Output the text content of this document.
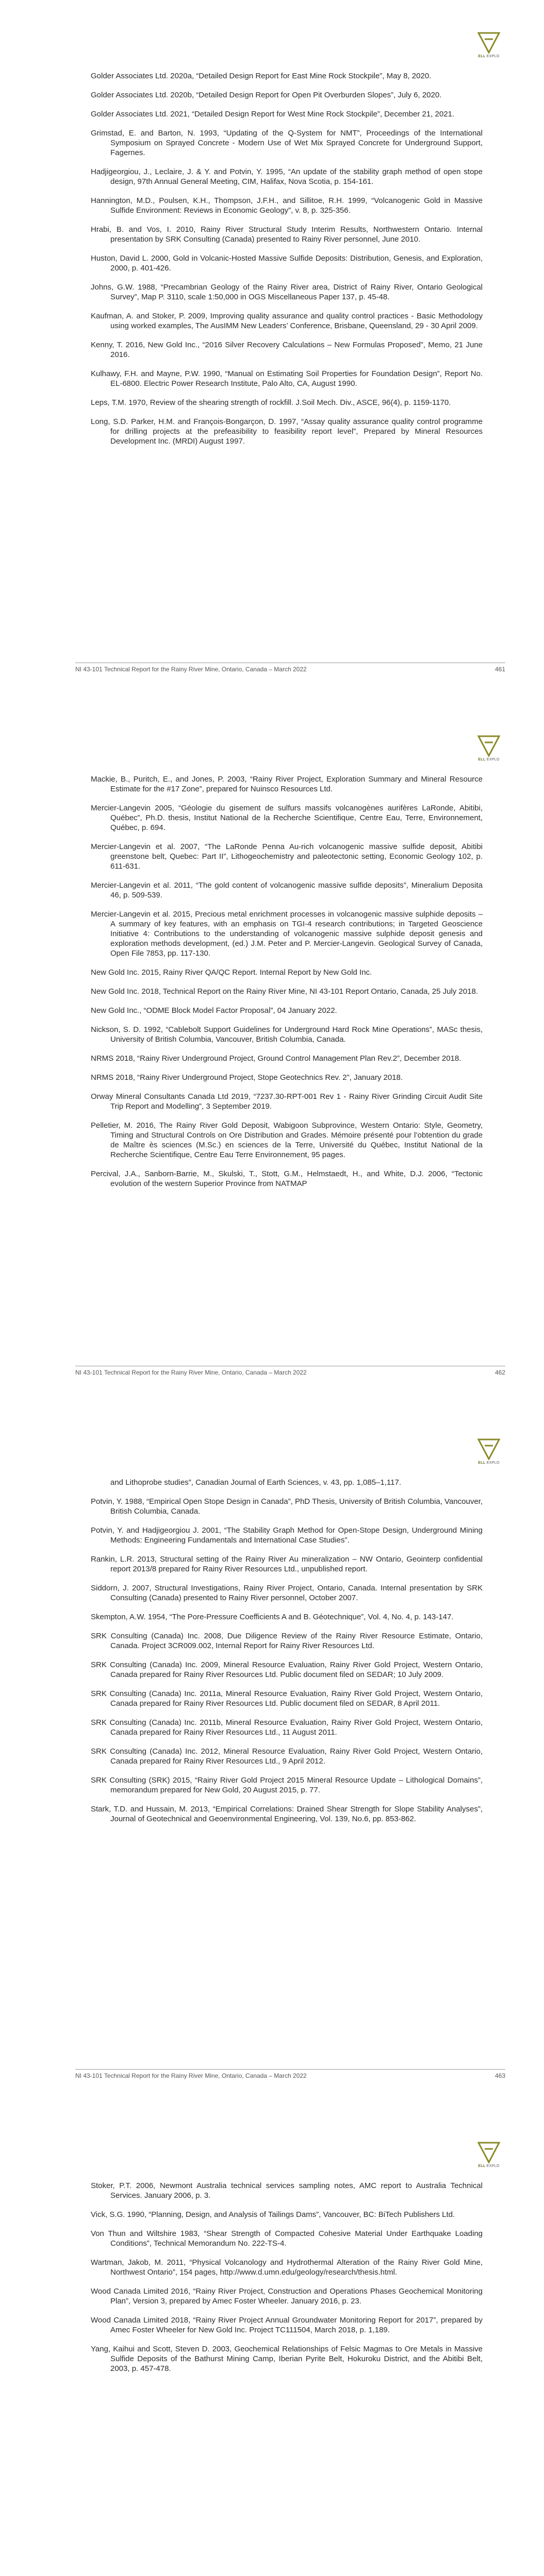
ELL EXPLO
Golder Associates Ltd. 2020a, “Detailed Design Report for East Mine Rock Stockpile”, May 8, 2020.
Golder Associates Ltd. 2020b, “Detailed Design Report for Open Pit Overburden Slopes”, July 6, 2020.
Golder Associates Ltd. 2021, “Detailed Design Report for West Mine Rock Stockpile”, December 21, 2021.
Grimstad, E. and Barton, N. 1993, “Updating of the Q-System for NMT”, Proceedings of the International Symposium on Sprayed Concrete - Modern Use of Wet Mix Sprayed Concrete for Underground Support, Fagernes.
Hadjigeorgiou, J., Leclaire, J. & Y. and Potvin, Y. 1995, “An update of the stability graph method of open stope design, 97th Annual General Meeting, CIM, Halifax, Nova Scotia, p. 154-161.
Hannington, M.D., Poulsen, K.H., Thompson, J.F.H., and Sillitoe, R.H. 1999, “Volcanogenic Gold in Massive Sulfide Environment: Reviews in Economic Geology”, v. 8, p. 325-356.
Hrabi, B. and Vos, I. 2010, Rainy River Structural Study Interim Results, Northwestern Ontario. Internal presentation by SRK Consulting (Canada) presented to Rainy River personnel, June 2010.
Huston, David L. 2000, Gold in Volcanic-Hosted Massive Sulfide Deposits: Distribution, Genesis, and Exploration, 2000, p. 401-426.
Johns, G.W. 1988, “Precambrian Geology of the Rainy River area, District of Rainy River, Ontario Geological Survey”, Map P. 3110, scale 1:50,000 in OGS Miscellaneous Paper 137, p. 45-48.
Kaufman, A. and Stoker, P. 2009, Improving quality assurance and quality control practices - Basic Methodology using worked examples, The AusIMM New Leaders’ Conference, Brisbane, Queensland, 29 - 30 April 2009.
Kenny, T. 2016, New Gold Inc., “2016 Silver Recovery Calculations – New Formulas Proposed”, Memo, 21 June 2016.
Kulhawy, F.H. and Mayne, P.W. 1990, “Manual on Estimating Soil Properties for Foundation Design”, Report No. EL-6800. Electric Power Research Institute, Palo Alto, CA, August 1990.
Leps, T.M. 1970, Review of the shearing strength of rockfill. J.Soil Mech. Div., ASCE, 96(4), p. 1159-1170.
Long, S.D. Parker, H.M. and François-Bongarçon, D. 1997, “Assay quality assurance quality control programme for drilling projects at the prefeasibility to feasibility report level”, Prepared by Mineral Resources Development Inc. (MRDI) August 1997.
NI 43-101 Technical Report for the Rainy River Mine, Ontario, Canada – March 2022	461
ELL EXPLO
Mackie, B., Puritch, E., and Jones, P. 2003, “Rainy River Project, Exploration Summary and Mineral Resource Estimate for the #17 Zone”, prepared for Nuinsco Resources Ltd.
Mercier-Langevin 2005, “Géologie du gisement de sulfurs massifs volcanogènes aurifères LaRonde, Abitibi, Québec”, Ph.D. thesis, Institut National de la Recherche Scientifique, Centre Eau, Terre, Environnement, Québec, p. 694.
Mercier-Langevin et al. 2007, “The LaRonde Penna Au-rich volcanogenic massive sulfide deposit, Abitibi greenstone belt, Quebec: Part II”, Lithogeochemistry and paleotectonic setting, Economic Geology 102, p. 611-631.
Mercier-Langevin et al. 2011, “The gold content of volcanogenic massive sulfide deposits”, Mineralium Deposita 46, p. 509-539.
Mercier-Langevin et al. 2015, Precious metal enrichment processes in volcanogenic massive sulphide deposits – A summary of key features, with an emphasis on TGI-4 research contributions; in Targeted Geoscience Initiative 4: Contributions to the understanding of volcanogenic massive sulphide deposit genesis and exploration methods development, (ed.) J.M. Peter and P. Mercier-Langevin. Geological Survey of Canada, Open File 7853, pp. 117-130.
New Gold Inc. 2015, Rainy River QA/QC Report. Internal Report by New Gold Inc.
New Gold Inc. 2018, Technical Report on the Rainy River Mine, NI 43-101 Report Ontario, Canada, 25 July 2018.
New Gold Inc., “ODME Block Model Factor Proposal”, 04 January 2022.
Nickson, S. D. 1992, “Cablebolt Support Guidelines for Underground Hard Rock Mine Operations”, MASc thesis, University of British Columbia, Vancouver, British Columbia, Canada.
NRMS 2018, “Rainy River Underground Project, Ground Control Management Plan Rev.2”, December 2018.
NRMS 2018, “Rainy River Underground Project, Stope Geotechnics Rev. 2”, January 2018.
Orway Mineral Consultants Canada Ltd 2019, “7237.30-RPT-001 Rev 1 - Rainy River Grinding Circuit Audit Site Trip Report and Modelling”, 3 September 2019.
Pelletier, M. 2016, The Rainy River Gold Deposit, Wabigoon Subprovince, Western Ontario: Style, Geometry, Timing and Structural Controls on Ore Distribution and Grades. Mémoire présenté pour l’obtention du grade de Maître ès sciences (M.Sc.) en sciences de la Terre, Université du Québec, Institut National de la Recherche Scientifique, Centre Eau Terre Environnement, 95 pages.
Percival, J.A., Sanborn-Barrie, M., Skulski, T., Stott, G.M., Helmstaedt, H., and White, D.J. 2006, “Tectonic evolution of the western Superior Province from NATMAP
NI 43-101 Technical Report for the Rainy River Mine, Ontario, Canada – March 2022	462
ELL EXPLO
and Lithoprobe studies”, Canadian Journal of Earth Sciences, v. 43, pp. 1,085–1,117.
Potvin, Y. 1988, “Empirical Open Stope Design in Canada”, PhD Thesis, University of British Columbia, Vancouver, British Columbia, Canada.
Potvin, Y. and Hadjigeorgiou J. 2001, “The Stability Graph Method for Open-Stope Design, Underground Mining Methods: Engineering Fundamentals and International Case Studies”.
Rankin, L.R. 2013, Structural setting of the Rainy River Au mineralization – NW Ontario, Geointerp confidential report 2013/8 prepared for Rainy River Resources Ltd., unpublished report.
Siddorn, J. 2007, Structural Investigations, Rainy River Project, Ontario, Canada. Internal presentation by SRK Consulting (Canada) presented to Rainy River personnel, October 2007.
Skempton, A.W. 1954, “The Pore-Pressure Coefficients A and B. Géotechnique”, Vol. 4, No. 4, p. 143-147.
SRK Consulting (Canada) Inc. 2008, Due Diligence Review of the Rainy River Resource Estimate, Ontario, Canada. Project 3CR009.002, Internal Report for Rainy River Resources Ltd.
SRK Consulting (Canada) Inc. 2009, Mineral Resource Evaluation, Rainy River Gold Project, Western Ontario, Canada prepared for Rainy River Resources Ltd. Public document filed on SEDAR; 10 July 2009.
SRK Consulting (Canada) Inc. 2011a, Mineral Resource Evaluation, Rainy River Gold Project, Western Ontario, Canada prepared for Rainy River Resources Ltd. Public document filed on SEDAR, 8 April 2011.
SRK Consulting (Canada) Inc. 2011b, Mineral Resource Evaluation, Rainy River Gold Project, Western Ontario, Canada prepared for Rainy River Resources Ltd., 11 August 2011.
SRK Consulting (Canada) Inc. 2012, Mineral Resource Evaluation, Rainy River Gold Project, Western Ontario, Canada prepared for Rainy River Resources Ltd., 9 April 2012.
SRK Consulting (SRK) 2015, “Rainy River Gold Project 2015 Mineral Resource Update – Lithological Domains”, memorandum prepared for New Gold, 20 August 2015, p. 77.
Stark, T.D. and Hussain, M. 2013, “Empirical Correlations: Drained Shear Strength for Slope Stability Analyses”, Journal of Geotechnical and Geoenvironmental Engineering, Vol. 139, No.6, pp. 853-862.
NI 43-101 Technical Report for the Rainy River Mine, Ontario, Canada – March 2022	463
ELL EXPLO
Stoker, P.T. 2006, Newmont Australia technical services sampling notes, AMC report to Australia Technical Services. January 2006, p. 3.
Vick, S.G. 1990, “Planning, Design, and Analysis of Tailings Dams”, Vancouver, BC: BiTech Publishers Ltd.
Von Thun and Wiltshire 1983, “Shear Strength of Compacted Cohesive Material Under Earthquake Loading Conditions”, Technical Memorandum No. 222-TS-4.
Wartman, Jakob, M. 2011, “Physical Volcanology and Hydrothermal Alteration of the Rainy River Gold Mine, Northwest Ontario”, 154 pages, http://www.d.umn.edu/geology/research/thesis.html.
Wood Canada Limited 2016, “Rainy River Project, Construction and Operations Phases Geochemical Monitoring Plan”, Version 3, prepared by Amec Foster Wheeler. January 2016, p. 23.
Wood Canada Limited 2018, “Rainy River Project Annual Groundwater Monitoring Report for 2017”, prepared by Amec Foster Wheeler for New Gold Inc. Project TC111504, March 2018, p. 1,189.
Yang, Kaihui and Scott, Steven D. 2003, Geochemical Relationships of Felsic Magmas to Ore Metals in Massive Sulfide Deposits of the Bathurst Mining Camp, Iberian Pyrite Belt, Hokuroku District, and the Abitibi Belt, 2003, p. 457-478.
